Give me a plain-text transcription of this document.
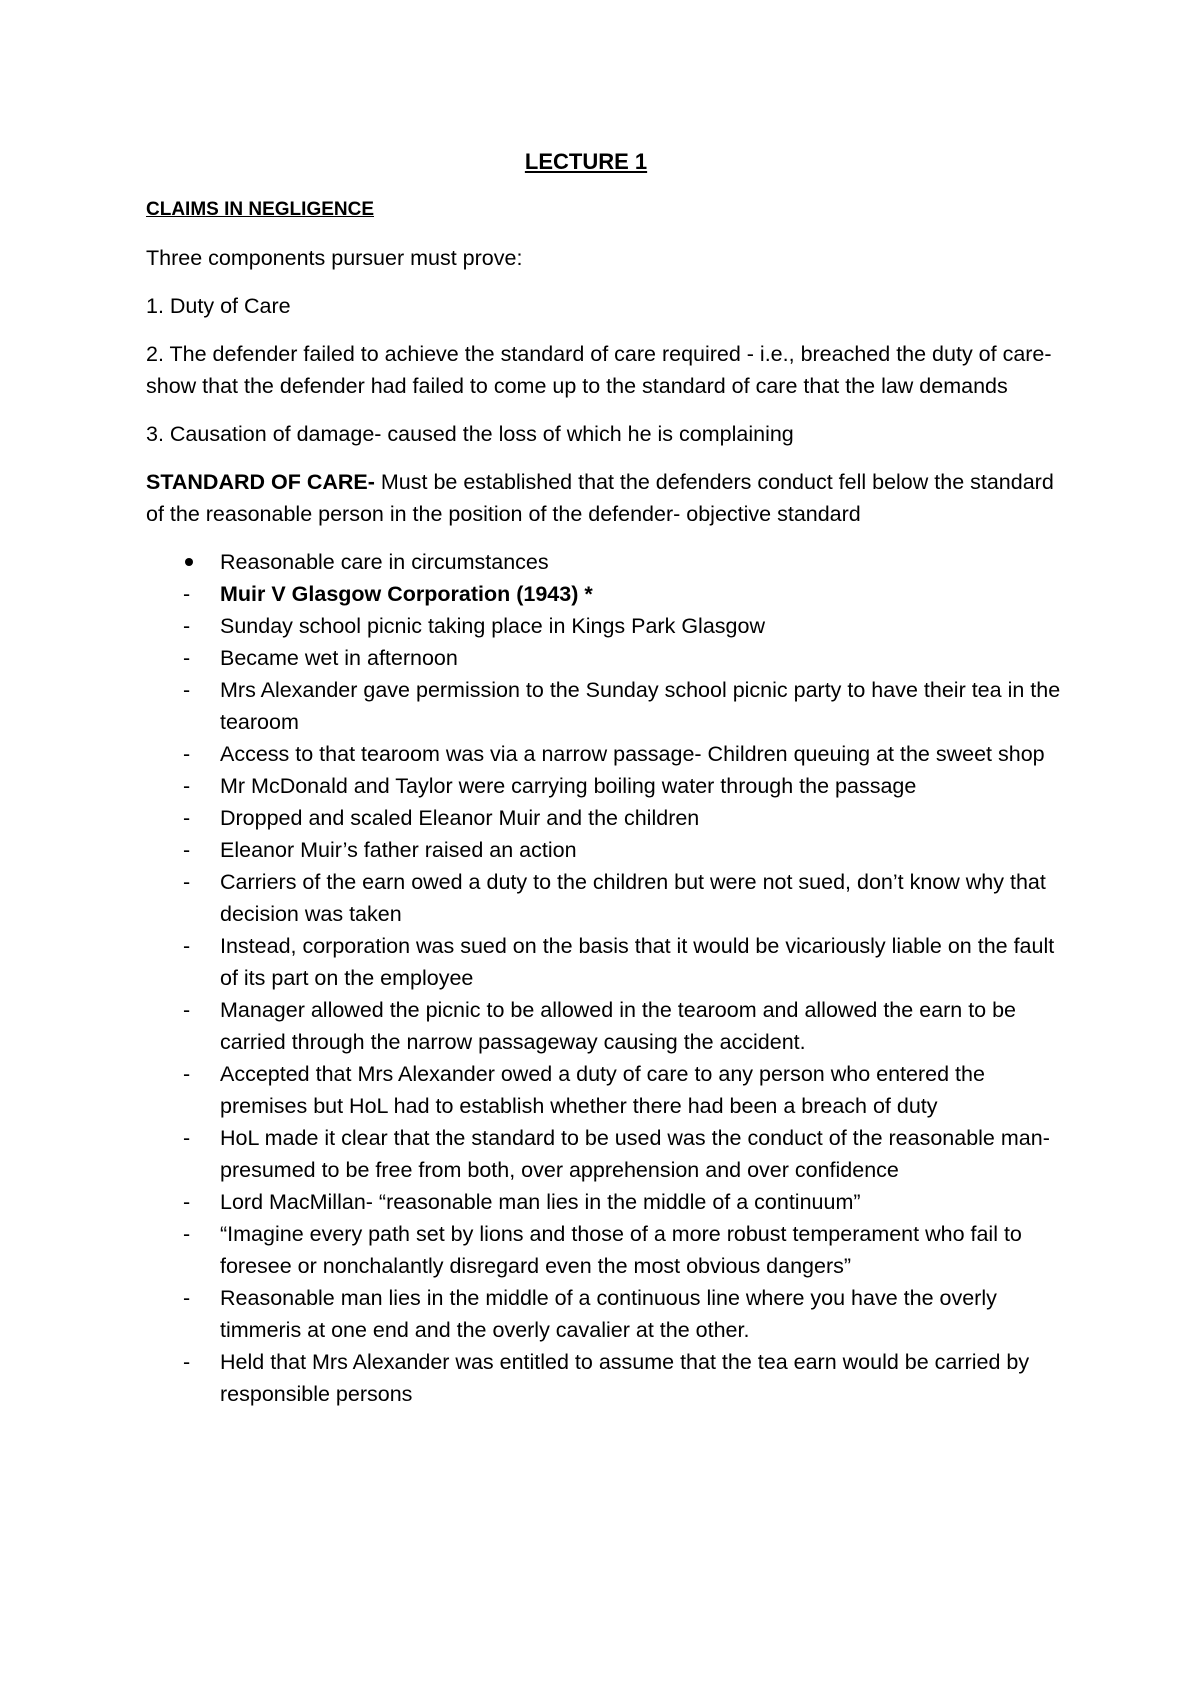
LECTURE 1
CLAIMS IN NEGLIGENCE

Three components pursuer must prove:

1. Duty of Care

2. The defender failed to achieve the standard of care required - i.e., breached the duty of care- show that the defender had failed to come up to the standard of care that the law demands

3. Causation of damage- caused the loss of which he is complaining

STANDARD OF CARE- Must be established that the defenders conduct fell below the standard of the reasonable person in the position of the defender- objective standard

Reasonable care in circumstances
- Muir V Glasgow Corporation (1943) *
- Sunday school picnic taking place in Kings Park Glasgow
- Became wet in afternoon
- Mrs Alexander gave permission to the Sunday school picnic party to have their tea in the tearoom
- Access to that tearoom was via a narrow passage- Children queuing at the sweet shop
- Mr McDonald and Taylor were carrying boiling water through the passage
- Dropped and scaled Eleanor Muir and the children
- Eleanor Muir’s father raised an action
- Carriers of the earn owed a duty to the children but were not sued, don’t know why that decision was taken
- Instead, corporation was sued on the basis that it would be vicariously liable on the fault of its part on the employee
- Manager allowed the picnic to be allowed in the tearoom and allowed the earn to be carried through the narrow passageway causing the accident.
- Accepted that Mrs Alexander owed a duty of care to any person who entered the premises but HoL had to establish whether there had been a breach of duty
- HoL made it clear that the standard to be used was the conduct of the reasonable man- presumed to be free from both, over apprehension and over confidence
- Lord MacMillan- “reasonable man lies in the middle of a continuum”
- “Imagine every path set by lions and those of a more robust temperament who fail to foresee or nonchalantly disregard even the most obvious dangers”
- Reasonable man lies in the middle of a continuous line where you have the overly timmeris at one end and the overly cavalier at the other.
- Held that Mrs Alexander was entitled to assume that the tea earn would be carried by responsible persons
